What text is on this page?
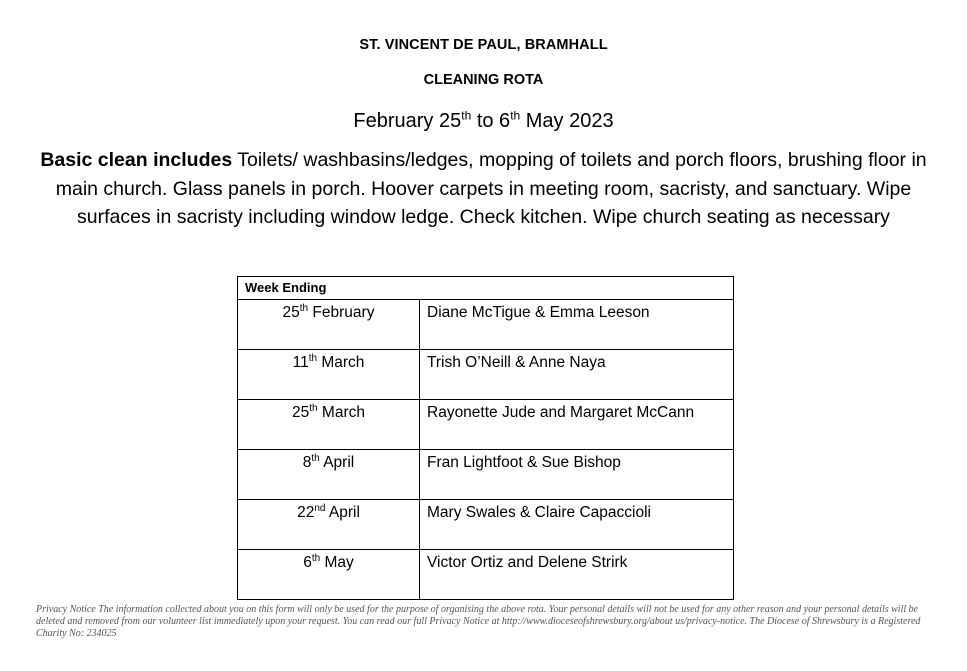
ST. VINCENT DE PAUL, BRAMHALL
CLEANING ROTA
February 25th to 6th May 2023
Basic clean includes Toilets/ washbasins/ledges, mopping of toilets and porch floors, brushing floor in main church. Glass panels in porch. Hoover carpets in meeting room, sacristy, and sanctuary. Wipe surfaces in sacristy including window ledge. Check kitchen. Wipe church seating as necessary
Week Ending	
25th February	Diane McTigue & Emma Leeson
11th March	Trish O’Neill & Anne Naya
25th March	Rayonette Jude and Margaret McCann
8th April	Fran Lightfoot & Sue Bishop
22nd April	Mary Swales & Claire Capaccioli
6th May	Victor Ortiz and Delene Strirk
Privacy Notice The information collected about you on this form will only be used for the purpose of organising the above rota. Your personal details will not be used for any other reason and your personal details will be deleted and removed from our volunteer list immediately upon your request. You can read our full Privacy Notice at http://www.dioceseofshrewsbury.org/about us/privacy-notice. The Diocese of Shrewsbury is a Registered Charity No: 234025
